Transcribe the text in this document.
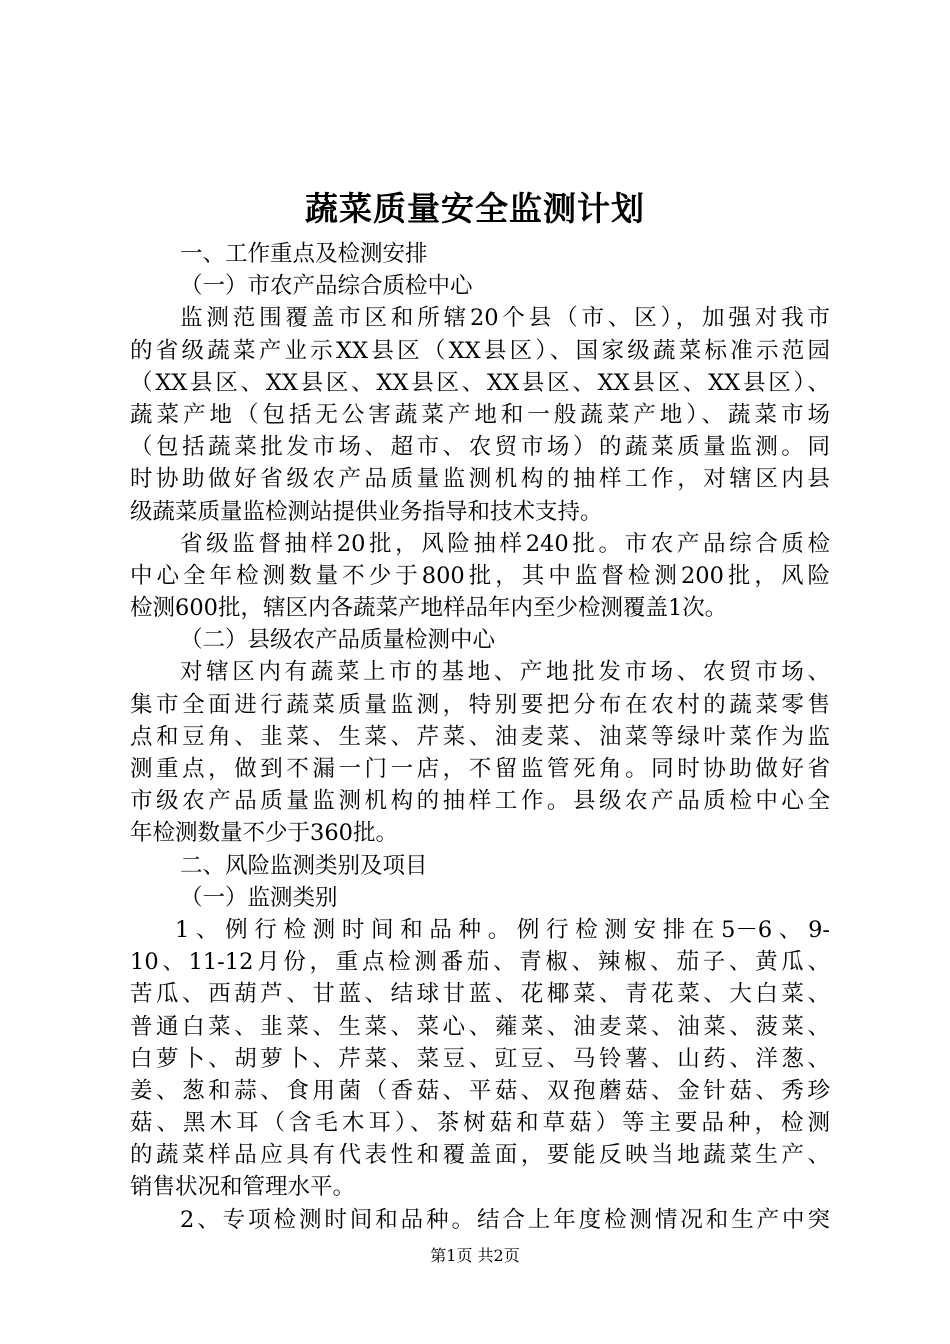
蔬菜质量安全监测计划
一、工作重点及检测安排
（一）市农产品综合质检中心
监测范围覆盖市区和所辖20个县（市、区），加强对我市
的省级蔬菜产业示XX县区（XX县区）、国家级蔬菜标准示范园
（XX县区、XX县区、XX县区、XX县区、XX县区、XX县区）、
蔬菜产地（包括无公害蔬菜产地和一般蔬菜产地）、蔬菜市场
（包括蔬菜批发市场、超市、农贸市场）的蔬菜质量监测。同
时协助做好省级农产品质量监测机构的抽样工作，对辖区内县
级蔬菜质量监检测站提供业务指导和技术支持。
省级监督抽样20批，风险抽样240批。市农产品综合质检
中心全年检测数量不少于800批，其中监督检测200批，风险
检测600批，辖区内各蔬菜产地样品年内至少检测覆盖1次。
（二）县级农产品质量检测中心
对辖区内有蔬菜上市的基地、产地批发市场、农贸市场、
集市全面进行蔬菜质量监测，特别要把分布在农村的蔬菜零售
点和豆角、韭菜、生菜、芹菜、油麦菜、油菜等绿叶菜作为监
测重点，做到不漏一门一店，不留监管死角。同时协助做好省
市级农产品质量监测机构的抽样工作。县级农产品质检中心全
年检测数量不少于360批。
二、风险监测类别及项目
（一）监测类别
1、例行检测时间和品种。例行检测安排在5－6、9-
10、11-12月份，重点检测番茄、青椒、辣椒、茄子、黄瓜、
苦瓜、西葫芦、甘蓝、结球甘蓝、花椰菜、青花菜、大白菜、
普通白菜、韭菜、生菜、菜心、蕹菜、油麦菜、油菜、菠菜、
白萝卜、胡萝卜、芹菜、菜豆、豇豆、马铃薯、山药、洋葱、
姜、葱和蒜、食用菌（香菇、平菇、双孢蘑菇、金针菇、秀珍
菇、黑木耳（含毛木耳）、茶树菇和草菇）等主要品种，检测
的蔬菜样品应具有代表性和覆盖面，要能反映当地蔬菜生产、
销售状况和管理水平。
2、专项检测时间和品种。结合上年度检测情况和生产中突
第1页 共2页
